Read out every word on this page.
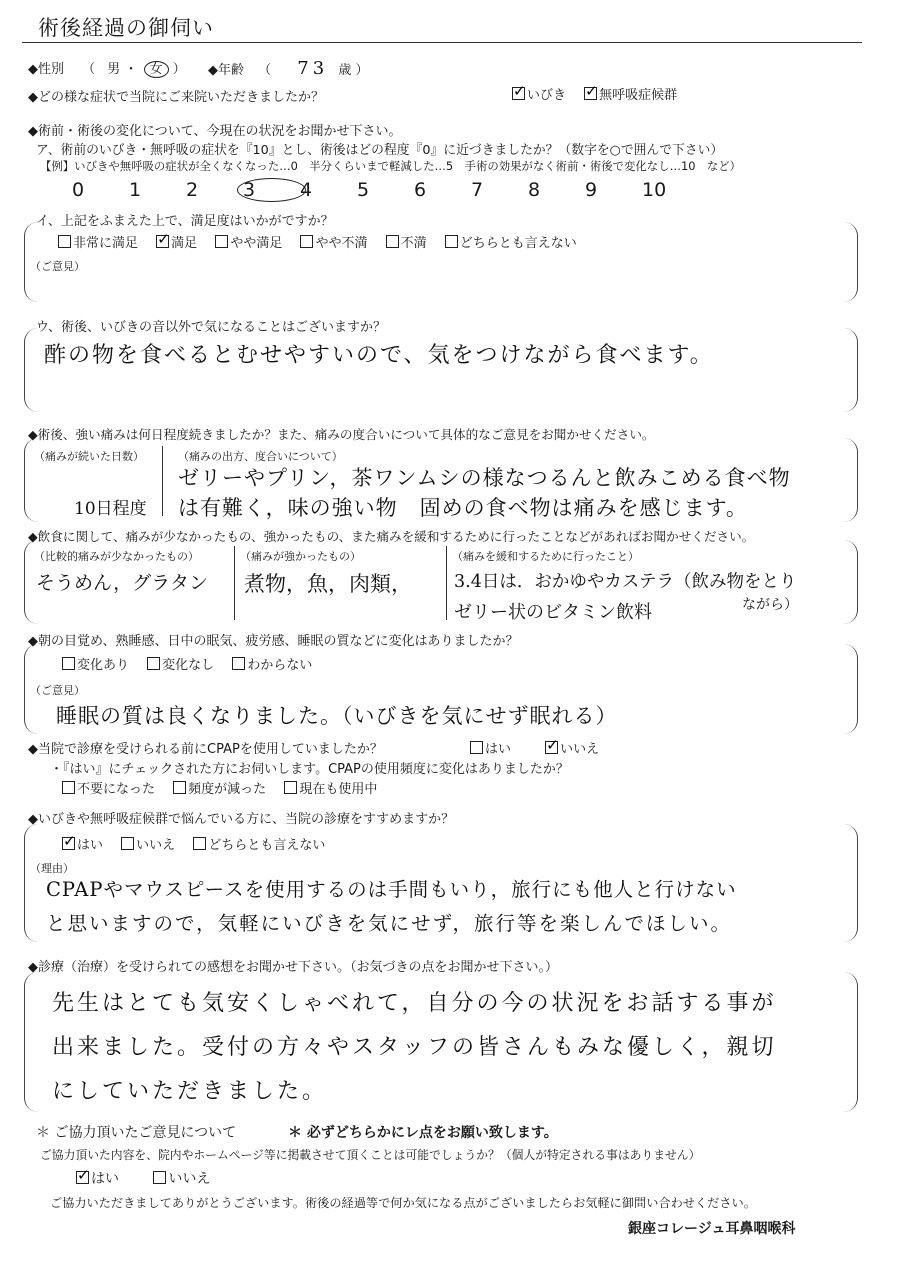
術後経過の御伺い
◆性別 （ 男 ・ 女 ） ◆年齢 （ 73 歳 ）
◆どの様な症状で当院にご来院いただきましたか？ ✓	いびき ✓	無呼吸症候群
◆術前・術後の変化について、今現在の状況をお聞かせ下さい。
ア、術前のいびき・無呼吸の症状を『10』とし、術後はどの程度『0』に近づきましたか？（数字を○で囲んで下さい）
【例】いびきや無呼吸の症状が全くなくなった…0　半分くらいまで軽減した…5　手術の効果がなく術前・術後で変化なし…10　など）
0 1 2 3 4 5 6 7 8 9 10
イ、上記をふまえた上で、満足度はいかがですか？
非常に満足 ✓	満足	やや満足	やや不満	不満	どちらとも言えない
（ご意見）
ウ、術後、いびきの音以外で気になることはございますか？
酢の物を食べるとむせやすいので、気をつけながら食べます。
◆術後、強い痛みは何日程度続きましたか？また、痛みの度合いについて具体的なご意見をお聞かせください。
（痛みが続いた日数）
10日程度
（痛みの出方、度合いについて）
ゼリーやプリン，茶ワンムシの様なつるんと飲みこめる食べ物
は有難く，味の強い物　固めの食べ物は痛みを感じます。
◆飲食に関して、痛みが少なかったもの、強かったもの、また痛みを緩和するために行ったことなどがあればお聞かせください。
（比較的痛みが少なかったもの）
そうめん，グラタン
（痛みが強かったもの）
煮物，魚，肉類，
（痛みを緩和するために行ったこと）
3.4日は．おかゆやカステラ（飲み物をとり
ゼリー状のビタミン飲料	ながら）
◆朝の目覚め、熟睡感、日中の眠気、疲労感、睡眠の質などに変化はありましたか？
変化あり	変化なし	わからない
（ご意見）
睡眠の質は良くなりました。（いびきを気にせず眠れる）
◆当院で診療を受けられる前にCPAPを使用していましたか？	はい ✓	いいえ
・『はい』にチェックされた方にお伺いします。CPAPの使用頻度に変化はありましたか？
不要になった	頻度が減った	現在も使用中
◆いびきや無呼吸症候群で悩んでいる方に、当院の診療をすすめますか？
✓はい	いいえ	どちらとも言えない
（理由）
CPAPやマウスピースを使用するのは手間もいり，旅行にも他人と行けない
と思いますので，気軽にいびきを気にせず，旅行等を楽しんでほしい。
◆診療（治療）を受けられての感想をお聞かせ下さい。（お気づきの点をお聞かせ下さい。）
先生はとても気安くしゃべれて，自分の今の状況をお話する事が
出来ました。受付の方々やスタッフの皆さんもみな優しく，親切
にしていただきました。
＊ ご協力頂いたご意見について	＊ 必ずどちらかにレ点をお願い致します。
ご協力頂いた内容を、院内やホームページ等に掲載させて頂くことは可能でしょうか？（個人が特定される事はありません）
✓はい	いいえ
ご協力いただきましてありがとうございます。術後の経過等で何か気になる点がございましたらお気軽に御問い合わせください。
銀座コレージュ耳鼻咽喉科
